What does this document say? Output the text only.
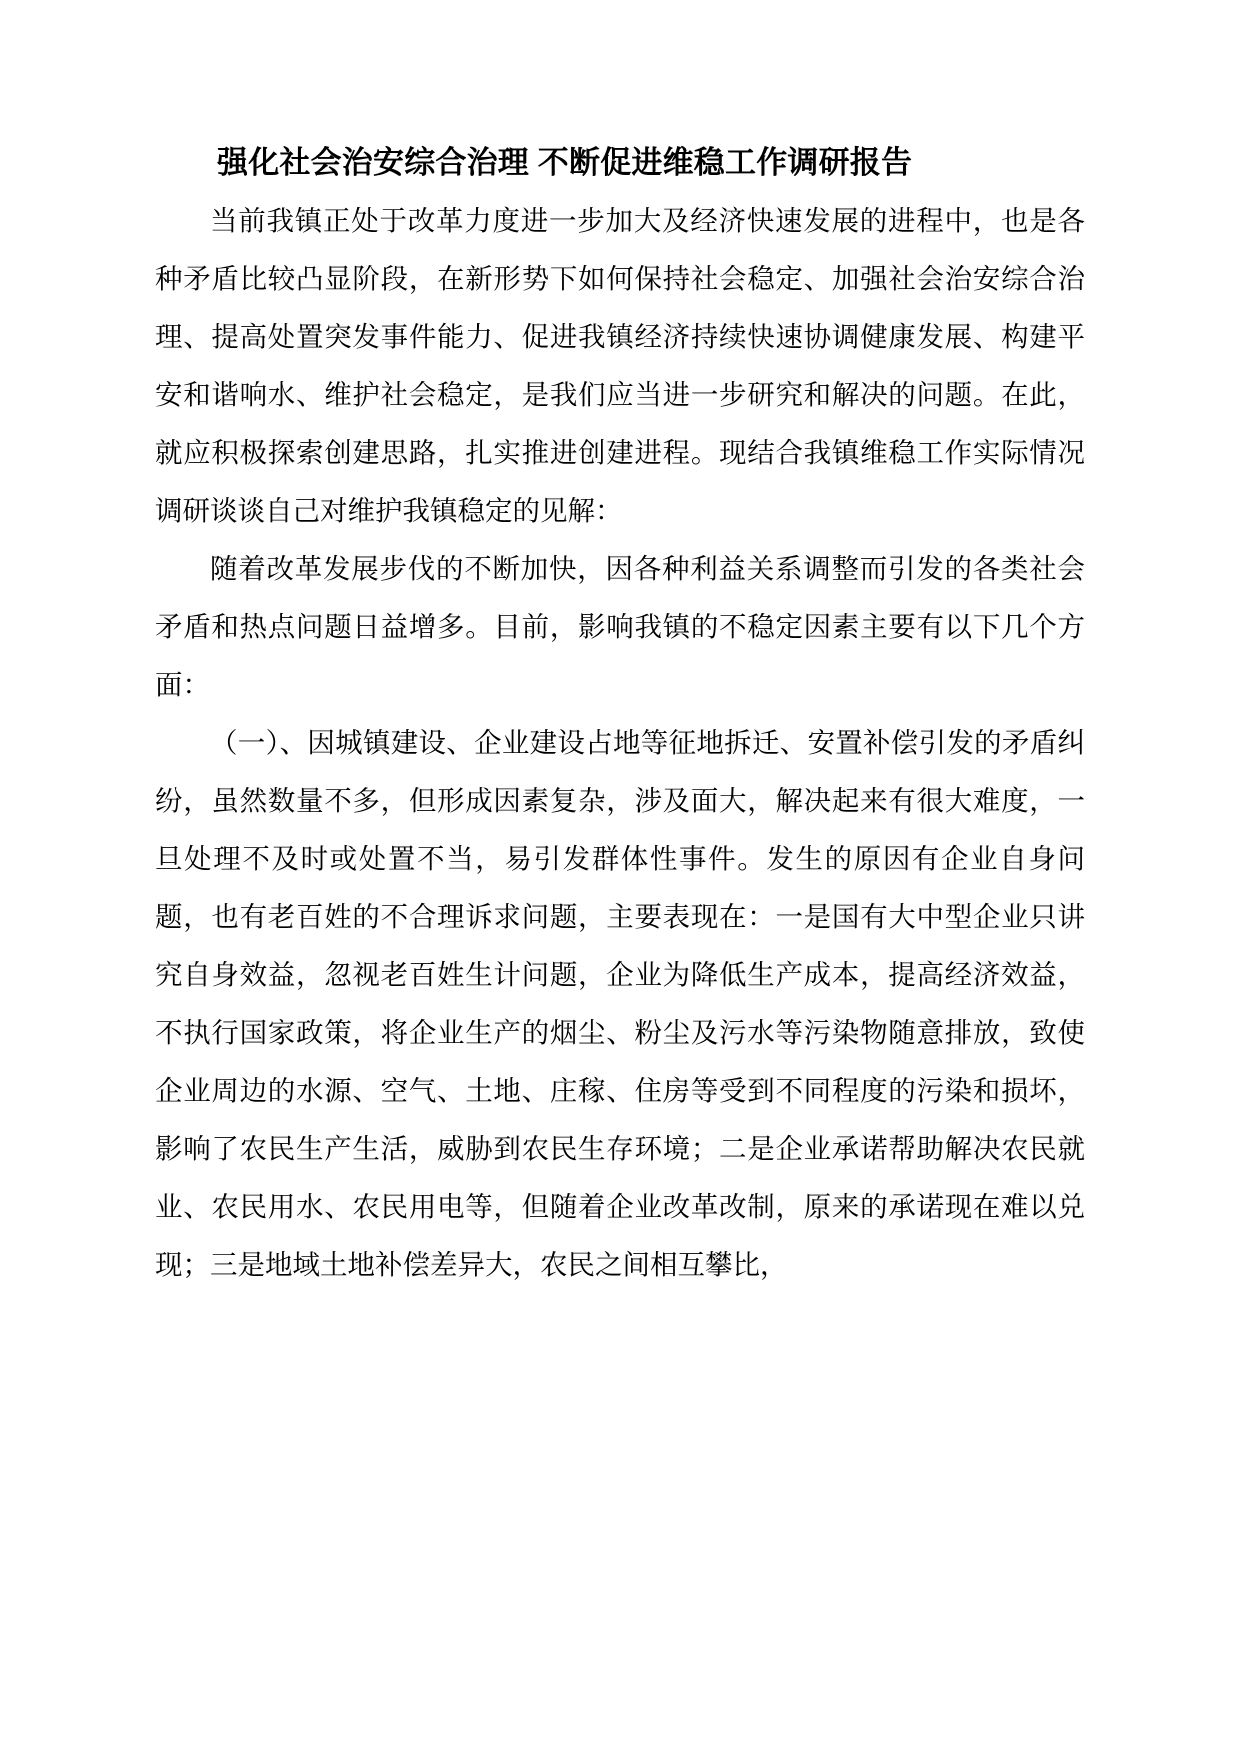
强化社会治安综合治理 不断促进维稳工作调研报告

当前我镇正处于改革力度进一步加大及经济快速发展的进程中，也是各种矛盾比较凸显阶段，在新形势下如何保持社会稳定、加强社会治安综合治理、提高处置突发事件能力、促进我镇经济持续快速协调健康发展、构建平安和谐响水、维护社会稳定，是我们应当进一步研究和解决的问题。在此，就应积极探索创建思路，扎实推进创建进程。现结合我镇维稳工作实际情况调研谈谈自己对维护我镇稳定的见解：

随着改革发展步伐的不断加快，因各种利益关系调整而引发的各类社会矛盾和热点问题日益增多。目前，影响我镇的不稳定因素主要有以下几个方面：

（一）、因城镇建设、企业建设占地等征地拆迁、安置补偿引发的矛盾纠纷，虽然数量不多，但形成因素复杂，涉及面大，解决起来有很大难度，一旦处理不及时或处置不当，易引发群体性事件。发生的原因有企业自身问题，也有老百姓的不合理诉求问题，主要表现在：一是国有大中型企业只讲究自身效益，忽视老百姓生计问题，企业为降低生产成本，提高经济效益，不执行国家政策，将企业生产的烟尘、粉尘及污水等污染物随意排放，致使企业周边的水源、空气、土地、庄稼、住房等受到不同程度的污染和损坏，影响了农民生产生活，威胁到农民生存环境；二是企业承诺帮助解决农民就业、农民用水、农民用电等，但随着企业改革改制，原来的承诺现在难以兑现；三是地域土地补偿差异大，农民之间相互攀比，
